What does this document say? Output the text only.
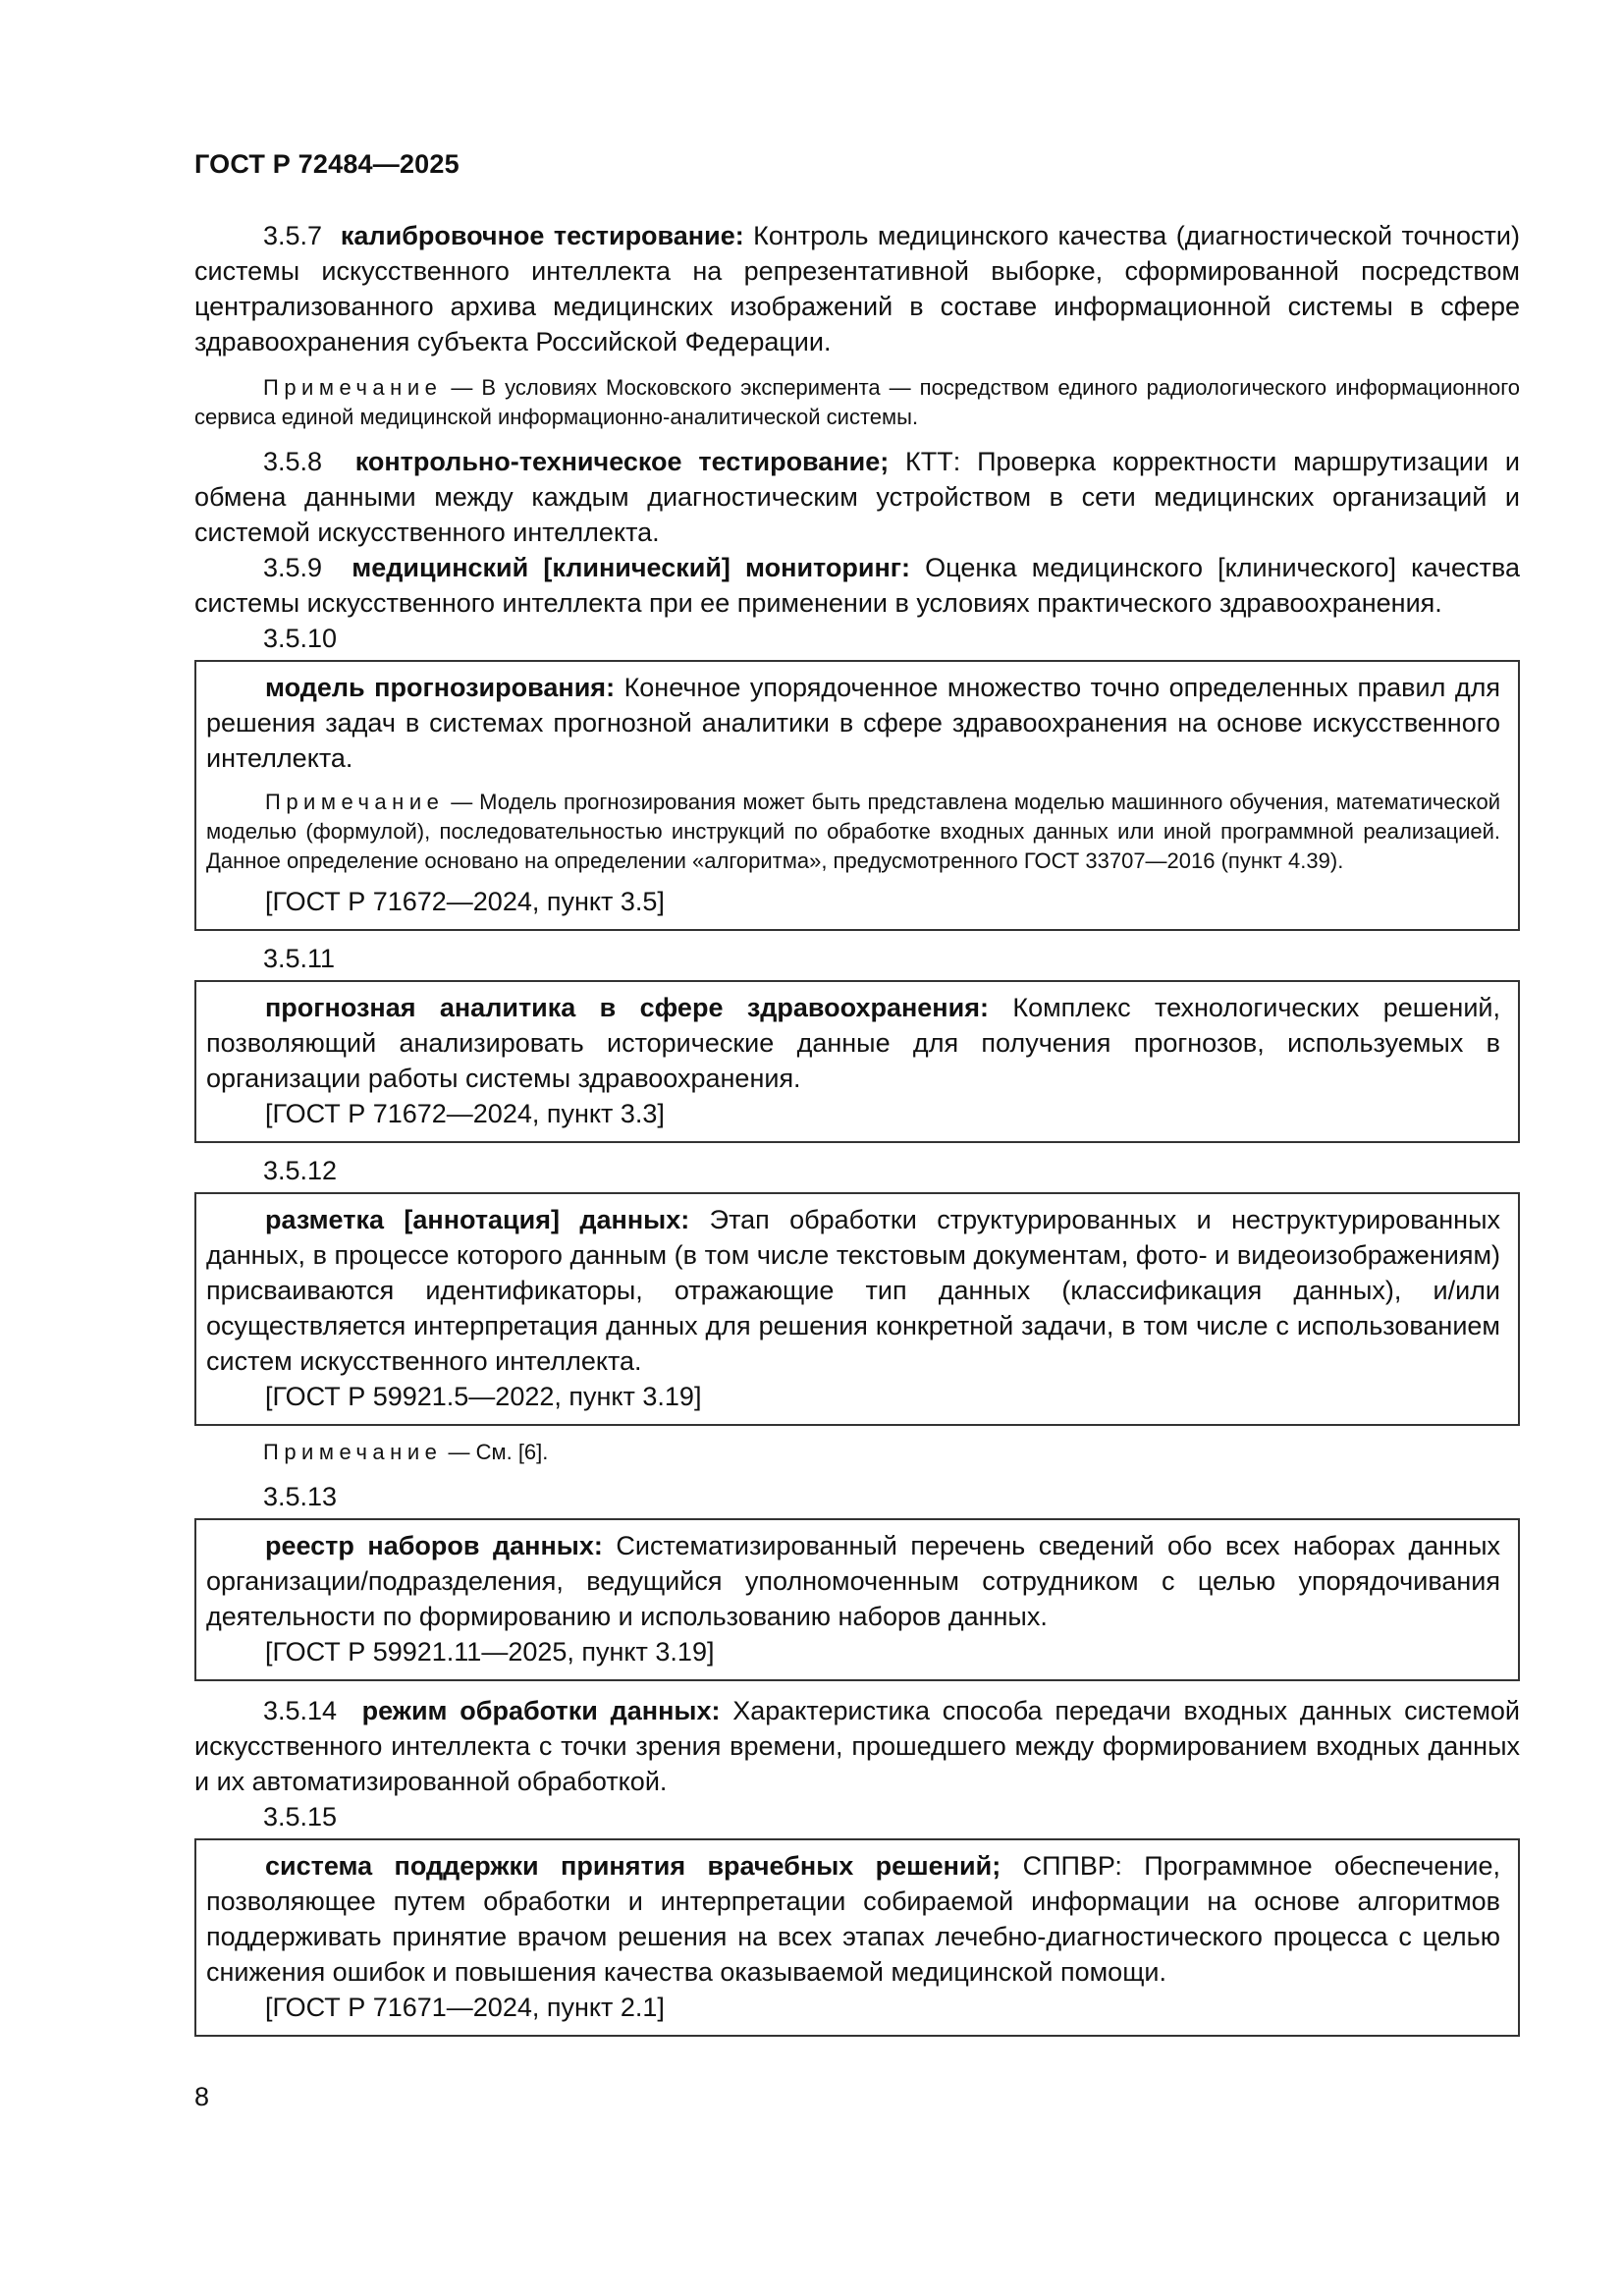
ГОСТ Р 72484—2025

3.5.7 калибровочное тестирование: Контроль медицинского качества (диагностической точности) системы искусственного интеллекта на репрезентативной выборке, сформированной посредством централизованного архива медицинских изображений в составе информационной системы в сфере здравоохранения субъекта Российской Федерации.

Примечание — В условиях Московского эксперимента — посредством единого радиологического информационного сервиса единой медицинской информационно-аналитической системы.

3.5.8 контрольно-техническое тестирование; КТТ: Проверка корректности маршрутизации и обмена данными между каждым диагностическим устройством в сети медицинских организаций и системой искусственного интеллекта.

3.5.9 медицинский [клинический] мониторинг: Оценка медицинского [клинического] качества системы искусственного интеллекта при ее применении в условиях практического здравоохранения.

3.5.10

модель прогнозирования: Конечное упорядоченное множество точно определенных правил для решения задач в системах прогнозной аналитики в сфере здравоохранения на основе искусственного интеллекта.

Примечание — Модель прогнозирования может быть представлена моделью машинного обучения, математической моделью (формулой), последовательностью инструкций по обработке входных данных или иной программной реализацией. Данное определение основано на определении «алгоритма», предусмотренного ГОСТ 33707—2016 (пункт 4.39).

[ГОСТ Р 71672—2024, пункт 3.5]

3.5.11

прогнозная аналитика в сфере здравоохранения: Комплекс технологических решений, позволяющий анализировать исторические данные для получения прогнозов, используемых в организации работы системы здравоохранения.

[ГОСТ Р 71672—2024, пункт 3.3]

3.5.12

разметка [аннотация] данных: Этап обработки структурированных и неструктурированных данных, в процессе которого данным (в том числе текстовым документам, фото- и видеоизображениям) присваиваются идентификаторы, отражающие тип данных (классификация данных), и/или осуществляется интерпретация данных для решения конкретной задачи, в том числе с использованием систем искусственного интеллекта.

[ГОСТ Р 59921.5—2022, пункт 3.19]

Примечание — См. [6].

3.5.13

реестр наборов данных: Систематизированный перечень сведений обо всех наборах данных организации/подразделения, ведущийся уполномоченным сотрудником с целью упорядочивания деятельности по формированию и использованию наборов данных.

[ГОСТ Р 59921.11—2025, пункт 3.19]

3.5.14 режим обработки данных: Характеристика способа передачи входных данных системой искусственного интеллекта с точки зрения времени, прошедшего между формированием входных данных и их автоматизированной обработкой.

3.5.15

система поддержки принятия врачебных решений; СППВР: Программное обеспечение, позволяющее путем обработки и интерпретации собираемой информации на основе алгоритмов поддерживать принятие врачом решения на всех этапах лечебно-диагностического процесса с целью снижения ошибок и повышения качества оказываемой медицинской помощи.

[ГОСТ Р 71671—2024, пункт 2.1]

8
